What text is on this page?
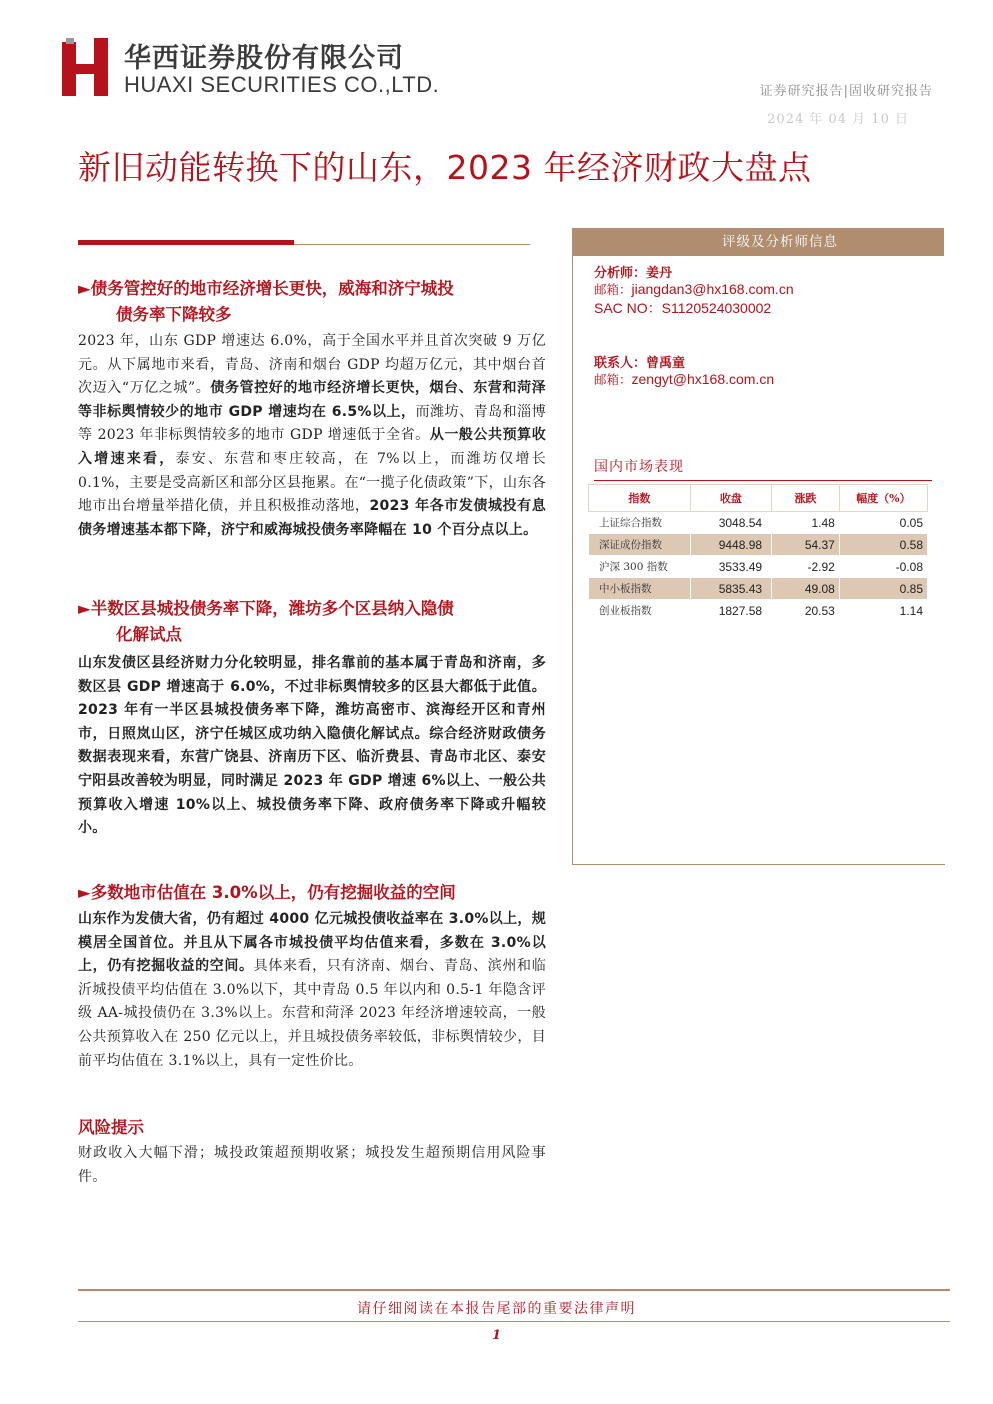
华西证券股份有限公司
HUAXI SECURITIES CO.,LTD.	证券研究报告|固收研究报告
2024 年 04 月 10 日
新旧动能转换下的山东，2023 年经济财政大盘点
►债务管控好的地市经济增长更快，威海和济宁城投
债务率下降较多
2023 年，山东 GDP 增速达 6.0%，高于全国水平并且首次突破 9 万亿元。从下属地市来看，青岛、济南和烟台 GDP 均超万亿元，其中烟台首次迈入“万亿之城”。债务管控好的地市经济增长更快，烟台、东营和菏泽等非标舆情较少的地市 GDP 增速均在 6.5%以上，而潍坊、青岛和淄博等 2023 年非标舆情较多的地市 GDP 增速低于全省。从一般公共预算收入增速来看，泰安、东营和枣庄较高，在 7%以上，而潍坊仅增长 0.1%，主要是受高新区和部分区县拖累。在“一揽子化债政策”下，山东各地市出台增量举措化债，并且积极推动落地，2023 年各市发债城投有息债务增速基本都下降，济宁和威海城投债务率降幅在 10 个百分点以上。
►半数区县城投债务率下降，潍坊多个区县纳入隐债
化解试点
山东发债区县经济财力分化较明显，排名靠前的基本属于青岛和济南，多数区县 GDP 增速高于 6.0%，不过非标舆情较多的区县大都低于此值。2023 年有一半区县城投债务率下降，潍坊高密市、滨海经开区和青州市，日照岚山区，济宁任城区成功纳入隐债化解试点。综合经济财政债务数据表现来看，东营广饶县、济南历下区、临沂费县、青岛市北区、泰安宁阳县改善较为明显，同时满足 2023 年 GDP 增速 6%以上、一般公共预算收入增速 10%以上、城投债务率下降、政府债务率下降或升幅较小。
►多数地市估值在 3.0%以上，仍有挖掘收益的空间
山东作为发债大省，仍有超过 4000 亿元城投债收益率在 3.0%以上，规模居全国首位。并且从下属各市城投债平均估值来看，多数在 3.0%以上，仍有挖掘收益的空间。具体来看，只有济南、烟台、青岛、滨州和临沂城投债平均估值在 3.0%以下，其中青岛 0.5 年以内和 0.5-1 年隐含评级 AA-城投债仍在 3.3%以上。东营和菏泽 2023 年经济增速较高，一般公共预算收入在 250 亿元以上，并且城投债务率较低，非标舆情较少，目前平均估值在 3.1%以上，具有一定性价比。
风险提示
财政收入大幅下滑；城投政策超预期收紧；城投发生超预期信用风险事件。
评级及分析师信息
分析师：姜丹
邮箱：jiangdan3@hx168.com.cn
SAC NO：S1120524030002
联系人：曾禹童
邮箱：zengyt@hx168.com.cn
国内市场表现
指数	收盘	涨跌	幅度（%）
上证综合指数	3048.54	1.48	0.05
深证成份指数	9448.98	54.37	0.58
沪深 300 指数	3533.49	-2.92	-0.08
中小板指数	5835.43	49.08	0.85
创业板指数	1827.58	20.53	1.14
请仔细阅读在本报告尾部的重要法律声明
1
